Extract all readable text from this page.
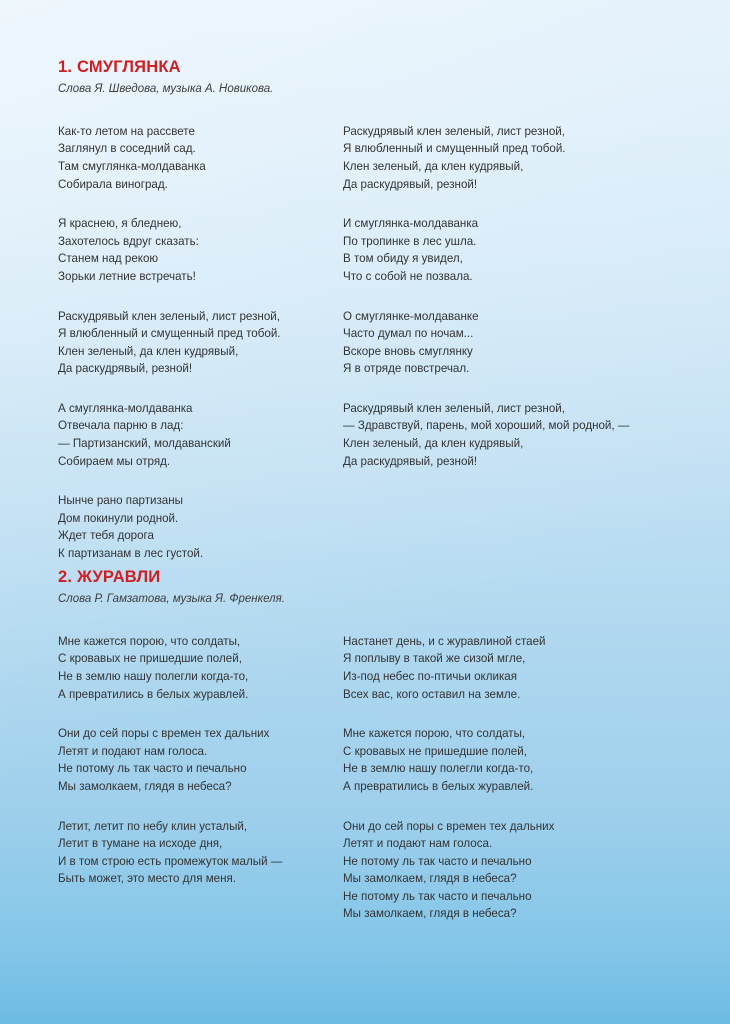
1. СМУГЛЯНКА

Слова Я. Шведова, музыка А. Новикова.

Как-то летом на рассвете
Заглянул в соседний сад.
Там смуглянка-молдаванка
Собирала виноград.
Я краснею, я бледнею,
Захотелось вдруг сказать:
Станем над рекою
Зорьки летние встречать!
Раскудрявый клен зеленый, лист резной,
Я влюбленный и смущенный пред тобой.
Клен зеленый, да клен кудрявый,
Да раскудрявый, резной!
А смуглянка-молдаванка
Отвечала парню в лад:
— Партизанский, молдаванский
Собираем мы отряд.
Нынче рано партизаны
Дом покинули родной.
Ждет тебя дорога
К партизанам в лес густой.
Раскудрявый клен зеленый, лист резной,
Я влюбленный и смущенный пред тобой.
Клен зеленый, да клен кудрявый,
Да раскудрявый, резной!
И смуглянка-молдаванка
По тропинке в лес ушла.
В том обиду я увидел,
Что с собой не позвала.
О смуглянке-молдаванке
Часто думал по ночам...
Вскоре вновь смуглянку
Я в отряде повстречал.
Раскудрявый клен зеленый, лист резной,
— Здравствуй, парень, мой хороший, мой родной, —
Клен зеленый, да клен кудрявый,
Да раскудрявый, резной!
2. ЖУРАВЛИ

Слова Р. Гамзатова, музыка Я. Френкеля.

Мне кажется порою, что солдаты,
С кровавых не пришедшие полей,
Не в землю нашу полегли когда-то,
А превратились в белых журавлей.
Они до сей поры с времен тех дальних
Летят и подают нам голоса.
Не потому ль так часто и печально
Мы замолкаем, глядя в небеса?
Летит, летит по небу клин усталый,
Летит в тумане на исходе дня,
И в том строю есть промежуток малый —
Быть может, это место для меня.
Настанет день, и с журавлиной стаей
Я поплыву в такой же сизой мгле,
Из-под небес по-птичьи окликая
Всех вас, кого оставил на земле.
Мне кажется порою, что солдаты,
С кровавых не пришедшие полей,
Не в землю нашу полегли когда-то,
А превратились в белых журавлей.
Они до сей поры с времен тех дальних
Летят и подают нам голоса.
Не потому ль так часто и печально
Мы замолкаем, глядя в небеса?
Не потому ль так часто и печально
Мы замолкаем, глядя в небеса?
